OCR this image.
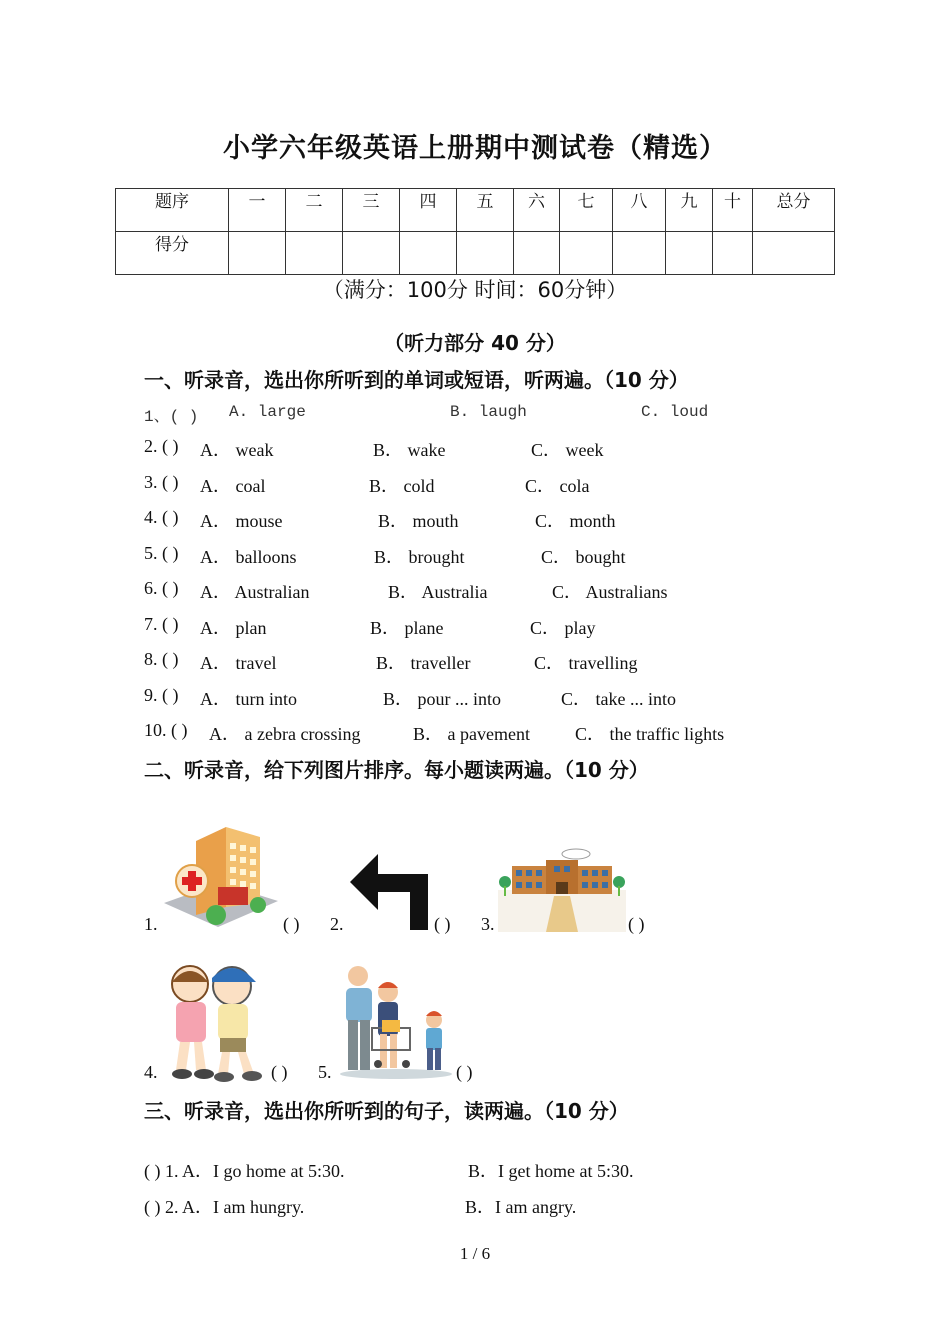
小学六年级英语上册期中测试卷（精选）
题序	一	二	三	四	五	六	七	八	九	十	总分
得分											
（满分：100分 时间：60分钟）
（听力部分 40 分）
一、听录音，选出你所听到的单词或短语，听两遍。（10 分）
1、( ) A. large	B. laugh	C. loud
2. ( ) A． weak	B． wake	C． week
3. ( ) A． coal	B． cold	C． cola
4. ( ) A． mouse	B． mouth	C． month
5. ( ) A． balloons	B． brought	C． bought
6. ( ) A． Australian	B． Australia	C． Australians
7. ( ) A． plan	B． plane	C． play
8. ( ) A． travel	B． traveller	C． travelling
9. ( ) A． turn into	B． pour ... into	C． take ... into
10. ( ) A． a zebra crossing	B． a pavement	C． the traffic lights
二、听录音，给下列图片排序。每小题读两遍。（10 分）
1.	( ) 2.	( ) 3.	( )
4.	( ) 5.	( )
三、听录音，选出你所听到的句子，读两遍。（10 分）
( ) 1. A．I go home at 5:30.	B．I get home at 5:30.
( ) 2. A．I am hungry.	B．I am angry.
1 / 6
